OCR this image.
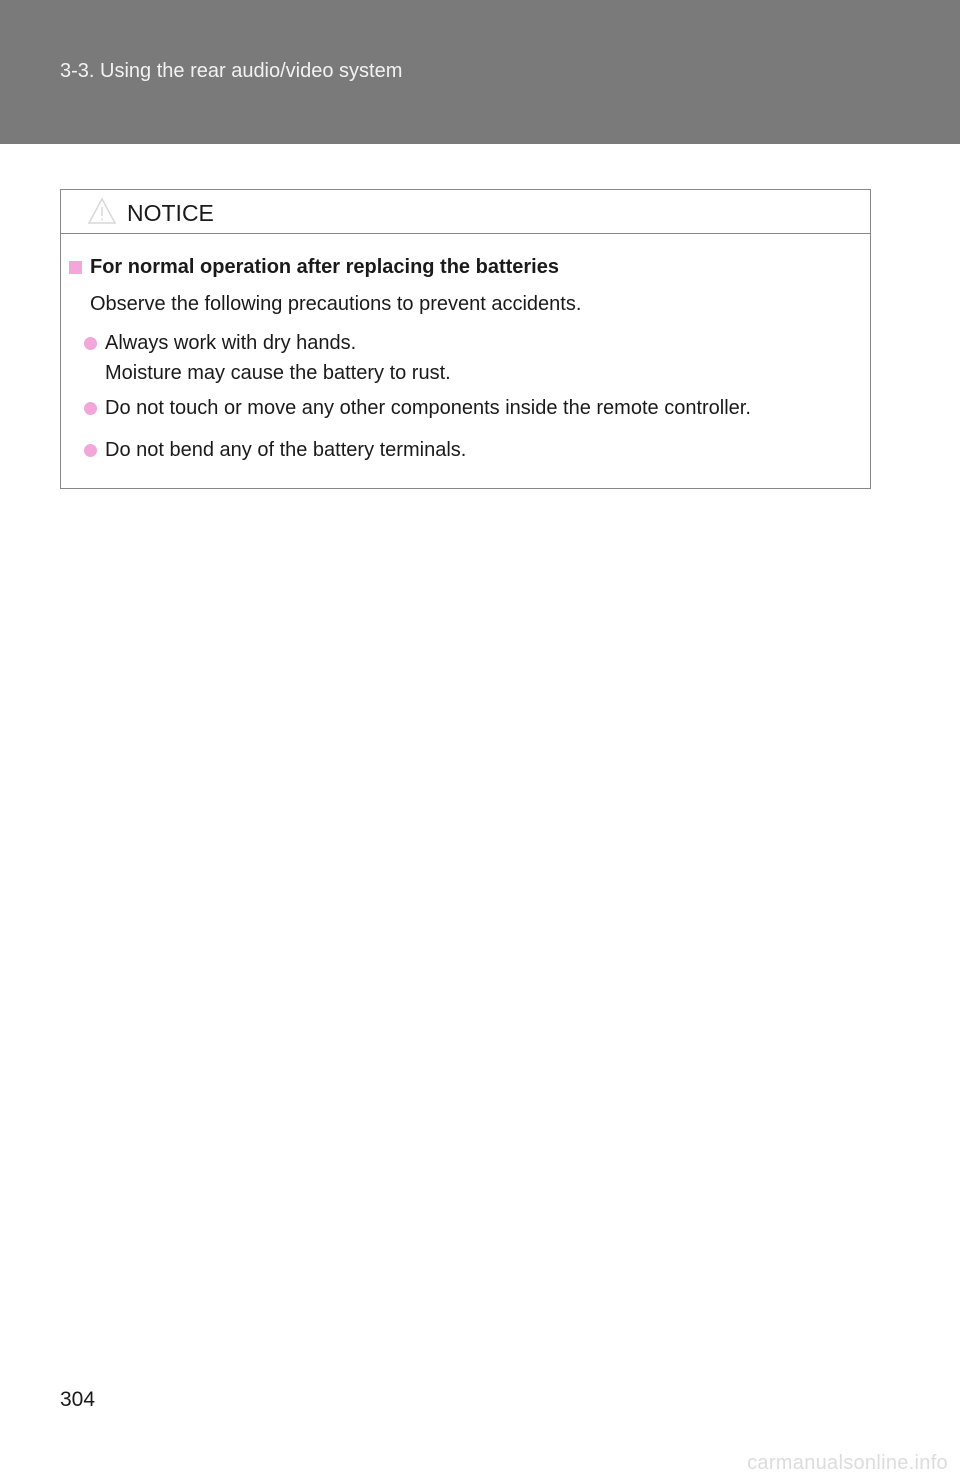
3-3. Using the rear audio/video system
NOTICE
For normal operation after replacing the batteries
Observe the following precautions to prevent accidents.
Always work with dry hands.
Moisture may cause the battery to rust.
Do not touch or move any other components inside the remote controller.
Do not bend any of the battery terminals.
304
carmanualsonline.info
